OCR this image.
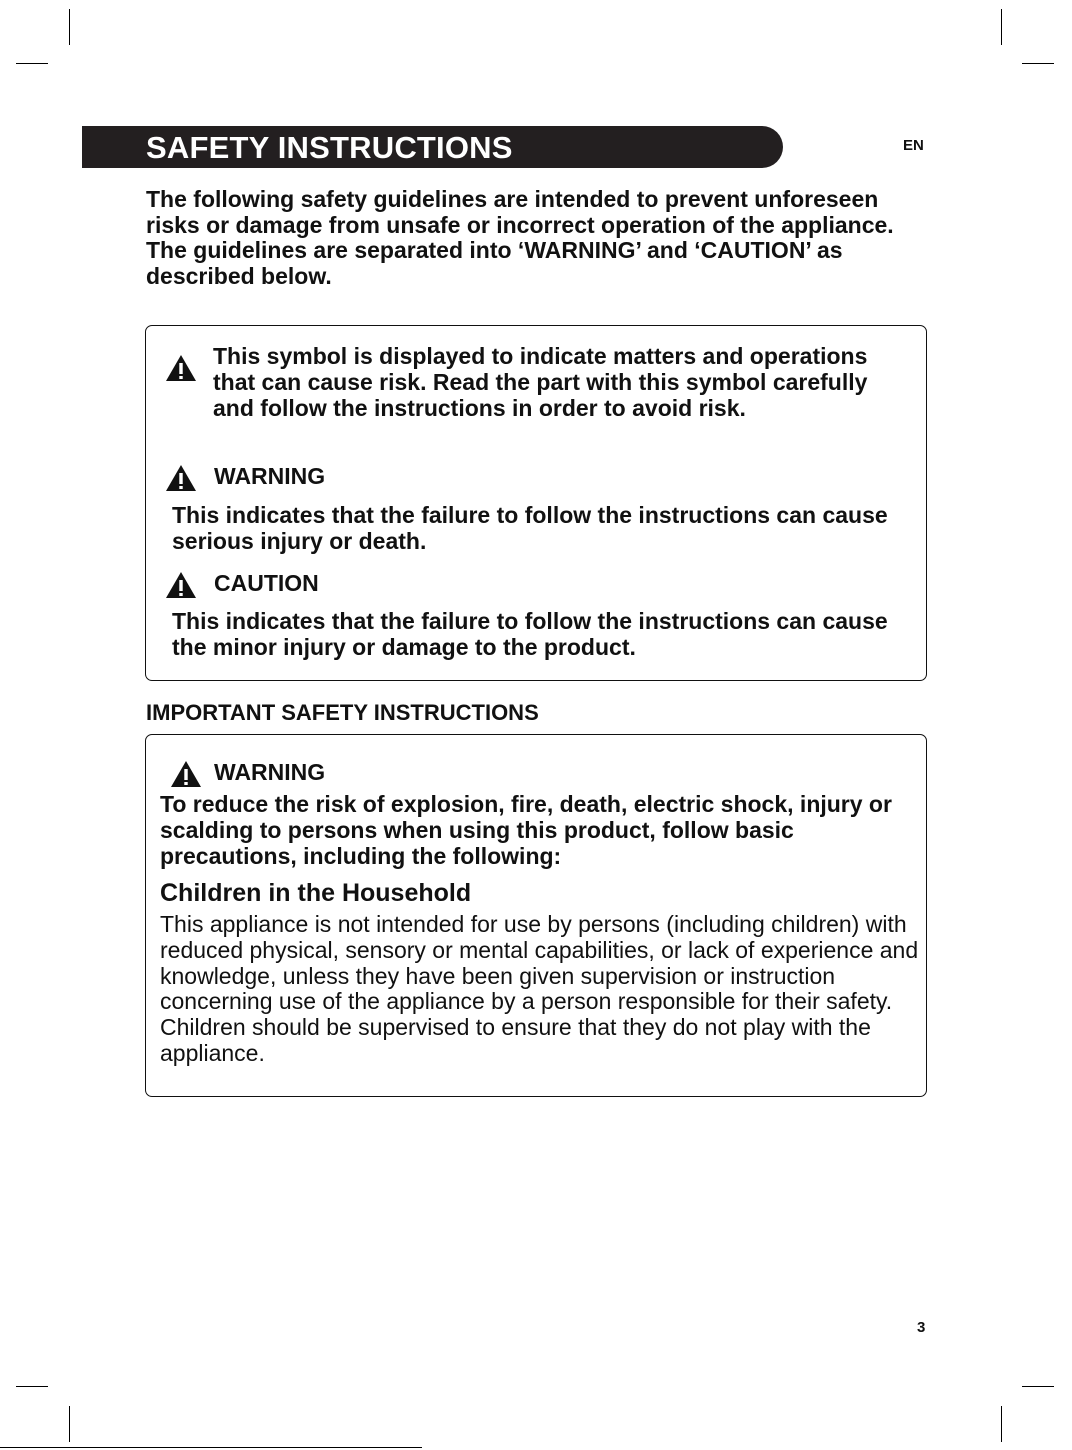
SAFETY INSTRUCTIONS	EN

The following safety guidelines are intended to prevent unforeseen risks or damage from unsafe or incorrect operation of the appliance.

The guidelines are separated into ‘WARNING’ and ‘CAUTION’ as described below.

This symbol is displayed to indicate matters and operations that can cause risk. Read the part with this symbol carefully and follow the instructions in order to avoid risk.
WARNING
This indicates that the failure to follow the instructions can cause serious injury or death.
CAUTION
This indicates that the failure to follow the instructions can cause the minor injury or damage to the product.
IMPORTANT SAFETY INSTRUCTIONS
WARNING
To reduce the risk of explosion, fire, death, electric shock, injury or scalding to persons when using this product, follow basic precautions, including the following:
Children in the Household
This appliance is not intended for use by persons (including children) with reduced physical, sensory or mental capabilities, or lack of experience and knowledge, unless they have been given supervision or instruction concerning use of the appliance by a person responsible for their safety. Children should be supervised to ensure that they do not play with the appliance.
3
